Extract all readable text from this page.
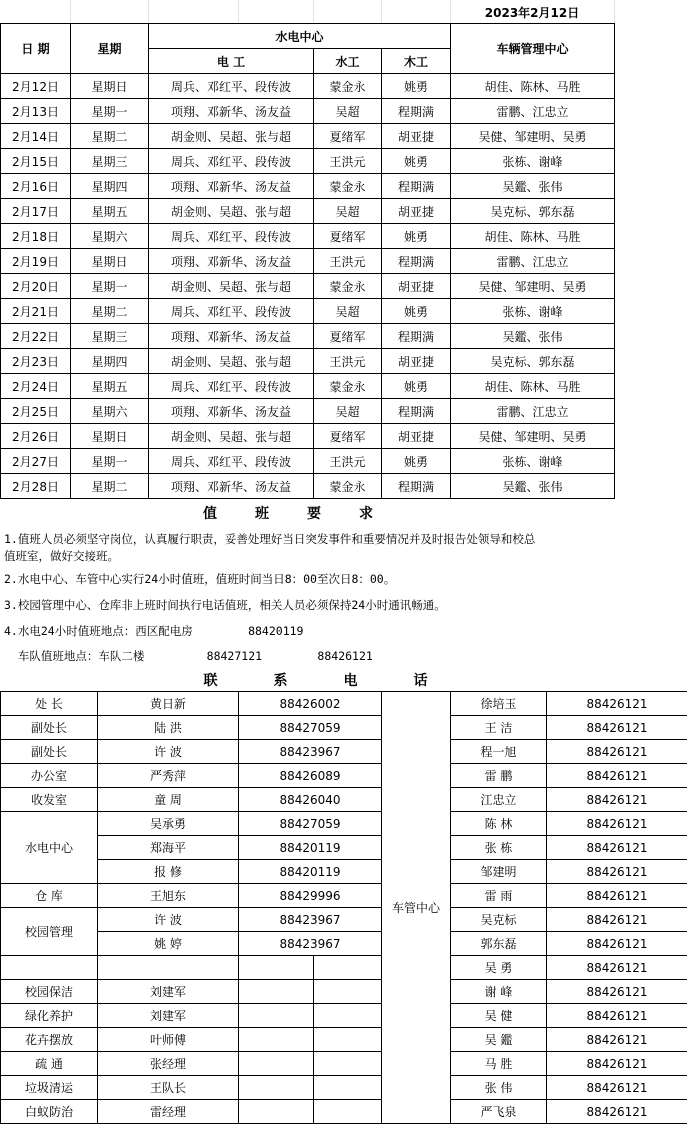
2023年2月12日
日 期	星期	水电中心			车辆管理中心
		电 工	水工	木工	
2月12日	星期日	周兵、邓红平、段传波	蒙金永	姚勇	胡佳、陈林、马胜
2月13日	星期一	项翔、邓新华、汤友益	吴超	程期满	雷鹏、江忠立
2月14日	星期二	胡金则、吴超、张与超	夏绪军	胡亚捷	吴健、邹建明、吴勇
2月15日	星期三	周兵、邓红平、段传波	王洪元	姚勇	张栋、谢峰
2月16日	星期四	项翔、邓新华、汤友益	蒙金永	程期满	吴鑑、张伟
2月17日	星期五	胡金则、吴超、张与超	吴超	胡亚捷	吴克标、郭东磊
2月18日	星期六	周兵、邓红平、段传波	夏绪军	姚勇	胡佳、陈林、马胜
2月19日	星期日	项翔、邓新华、汤友益	王洪元	程期满	雷鹏、江忠立
2月20日	星期一	胡金则、吴超、张与超	蒙金永	胡亚捷	吴健、邹建明、吴勇
2月21日	星期二	周兵、邓红平、段传波	吴超	姚勇	张栋、谢峰
2月22日	星期三	项翔、邓新华、汤友益	夏绪军	程期满	吴鑑、张伟
2月23日	星期四	胡金则、吴超、张与超	王洪元	胡亚捷	吴克标、郭东磊
2月24日	星期五	周兵、邓红平、段传波	蒙金永	姚勇	胡佳、陈林、马胜
2月25日	星期六	项翔、邓新华、汤友益	吴超	程期满	雷鹏、江忠立
2月26日	星期日	胡金则、吴超、张与超	夏绪军	胡亚捷	吴健、邹建明、吴勇
2月27日	星期一	周兵、邓红平、段传波	王洪元	姚勇	张栋、谢峰
2月28日	星期二	项翔、邓新华、汤友益	蒙金永	程期满	吴鑑、张伟
值班要求
1.值班人员必须坚守岗位，认真履行职责，妥善处理好当日突发事件和重要情况并及时报告处领导和校总
值班室，做好交接班。
2.水电中心、车管中心实行24小时值班，值班时间当日8：00至次日8：00。
3.校园管理中心、仓库非上班时间执行电话值班，相关人员必须保持24小时通讯畅通。
4.水电24小时值班地点：西区配电房        88420119
车队值班地点：车队二楼         88427121        88426121
联系电话
处 长	黄日新	88426002		车管中心	徐培玉	88426121
副处长	陆 洪	88427059			王 洁	88426121
副处长	许 波	88423967			程一旭	88426121
办公室	严秀萍	88426089			雷 鹏	88426121
收发室	童 周	88426040			江忠立	88426121
水电中心	吴承勇	88427059			陈 林	88426121
	郑海平	88420119			张 栋	88426121
	报 修	88420119			邹建明	88426121
仓 库	王旭东	88429996			雷 雨	88426121
校园管理	许 波	88423967			吴克标	88426121
	姚 婷	88423967			郭东磊	88426121
					吴 勇	88426121
校园保洁	刘建军				谢 峰	88426121
绿化养护	刘建军				吴 健	88426121
花卉摆放	叶师傅				吴 鑑	88426121
疏 通	张经理				马 胜	88426121
垃圾清运	王队长				张 伟	88426121
白蚁防治	雷经理				严飞泉	88426121
